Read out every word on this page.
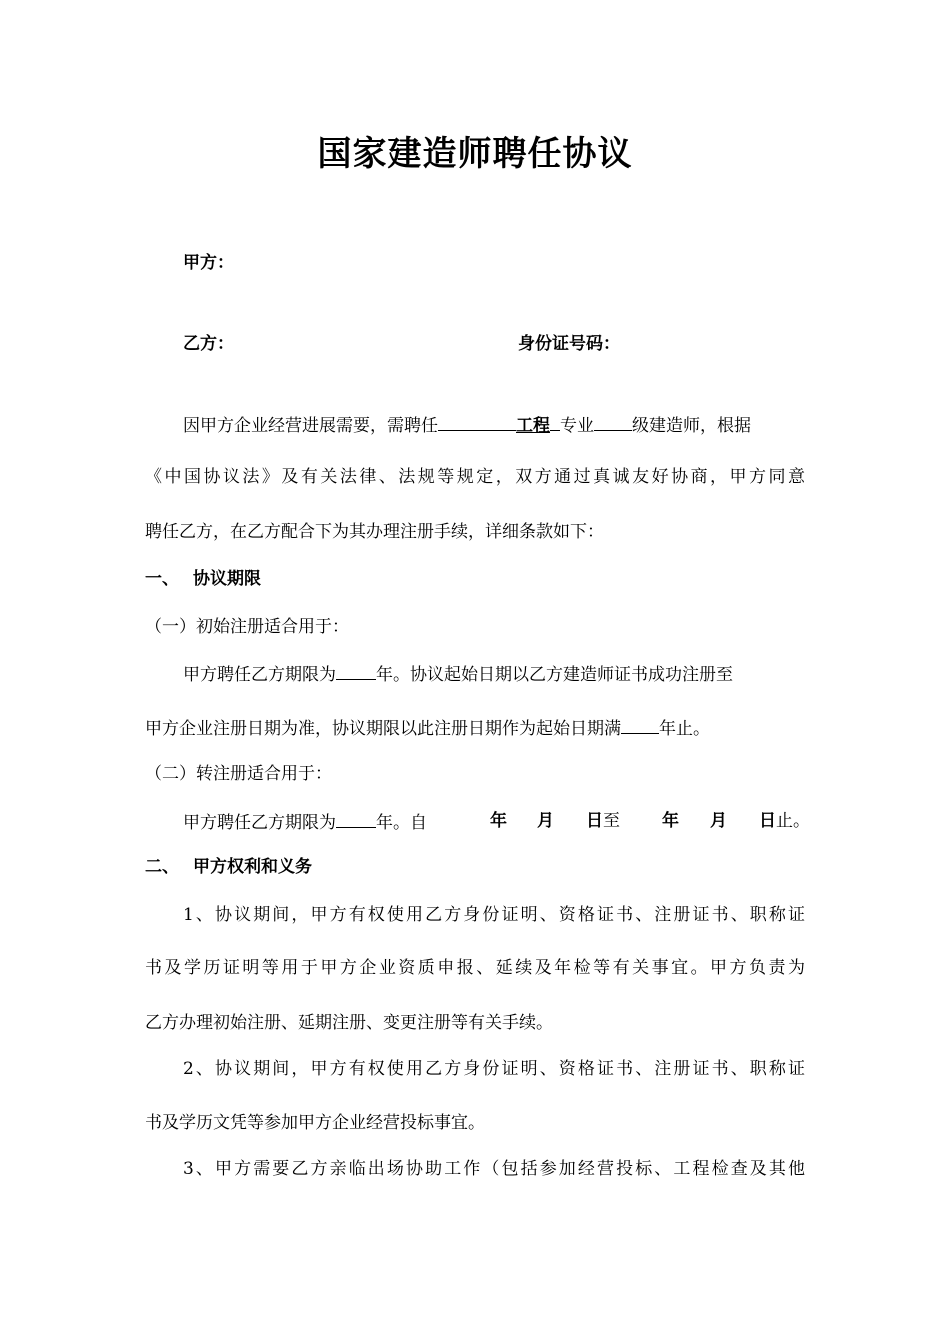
国家建造师聘任协议
甲方：
乙方：	身份证号码：
因甲方企业经营进展需要，需聘任	工程 专业 级建造师，根据
《中国协议法》及有关法律、法规等规定，双方通过真诚友好协商，甲方同意
聘任乙方，在乙方配合下为其办理注册手续，详细条款如下：
一、 协议期限
（一）初始注册适合用于：
甲方聘任乙方期限为 年。协议起始日期以乙方建造师证书成功注册至
甲方企业注册日期为准，协议期限以此注册日期作为起始日期满 年止。
（二）转注册适合用于：
甲方聘任乙方期限为 年。自	年 月 日 至 年 月 日 止。
二、 甲方权利和义务
1、协议期间，甲方有权使用乙方身份证明、资格证书、注册证书、职称证
书及学历证明等用于甲方企业资质申报、延续及年检等有关事宜。甲方负责为
乙方办理初始注册、延期注册、变更注册等有关手续。
2、协议期间，甲方有权使用乙方身份证明、资格证书、注册证书、职称证
书及学历文凭等参加甲方企业经营投标事宜。
3、甲方需要乙方亲临出场协助工作（包括参加经营投标、工程检查及其他
